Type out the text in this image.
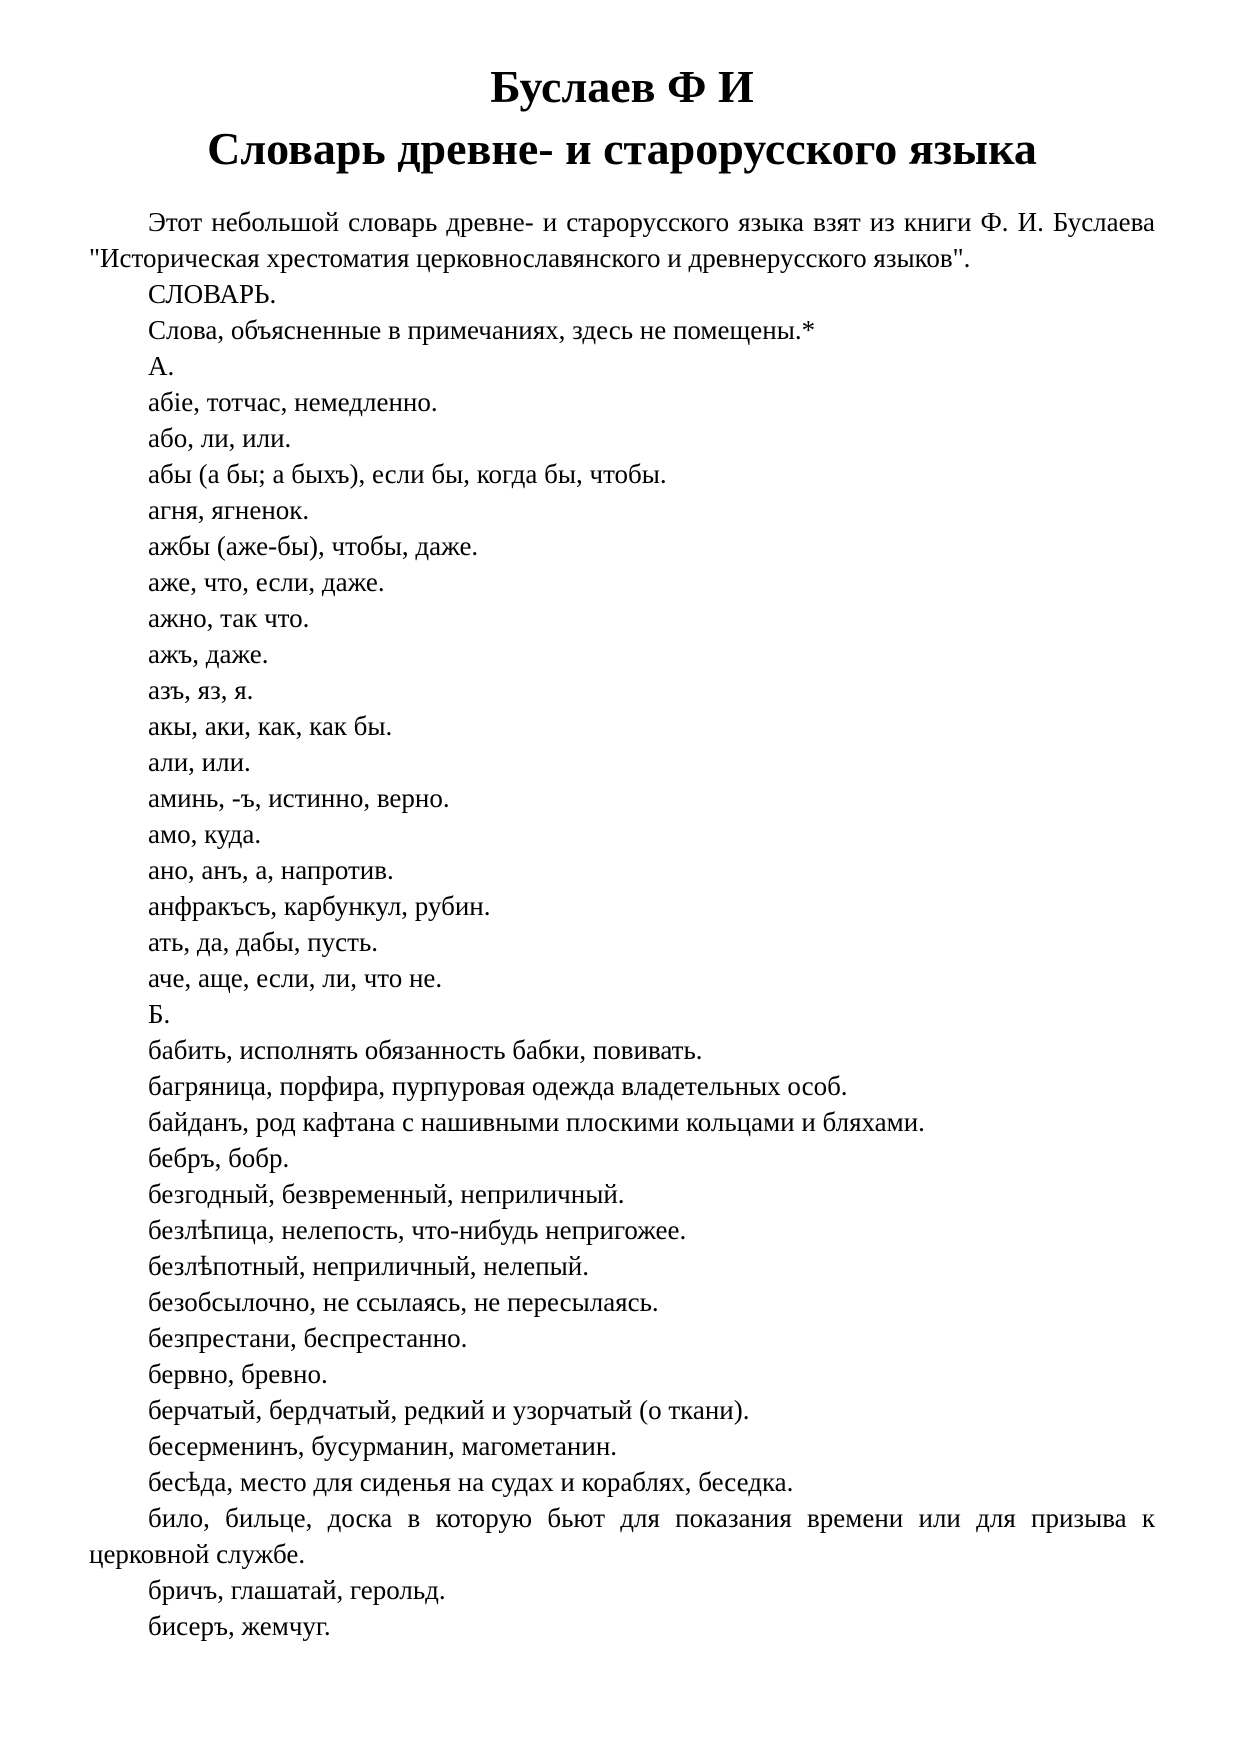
Буслаев Ф И
Словарь древне- и старорусского языка

Этот небольшой словарь древне- и старорусского языка взят из книги Ф. И. Буслаева "Историческая хрестоматия церковнославянского и древнерусского языков".

СЛОВАРЬ.

Слова, объясненные в примечаниях, здесь не помещены.*

А.

абіе, тотчас, немедленно.

або, ли, или.

абы (а бы; а быхъ), если бы, когда бы, чтобы.

агня, ягненок.

ажбы (аже-бы), чтобы, даже.

аже, что, если, даже.

ажно, так что.

ажъ, даже.

азъ, яз, я.

акы, аки, как, как бы.

али, или.

аминь, -ъ, истинно, верно.

амо, куда.

ано, анъ, а, напротив.

анфракъсъ, карбункул, рубин.

ать, да, дабы, пусть.

аче, аще, если, ли, что не.

Б.

бабить, исполнять обязанность бабки, повивать.

багряница, порфира, пурпуровая одежда владетельных особ.

байданъ, род кафтана с нашивными плоскими кольцами и бляхами.

бебръ, бобр.

безгодный, безвременный, неприличный.

безлѣпица, нелепость, что-нибудь непригожее.

безлѣпотный, неприличный, нелепый.

безобсылочно, не ссылаясь, не пересылаясь.

безпрестани, беспрестанно.

бервно, бревно.

берчатый, бердчатый, редкий и узорчатый (о ткани).

бесерменинъ, бусурманин, магометанин.

бесѣда, место для сиденья на судах и кораблях, беседка.

било, бильце, доска в которую бьют для показания времени или для призыва к церковной службе.

бричъ, глашатай, герольд.

бисеръ, жемчуг.
